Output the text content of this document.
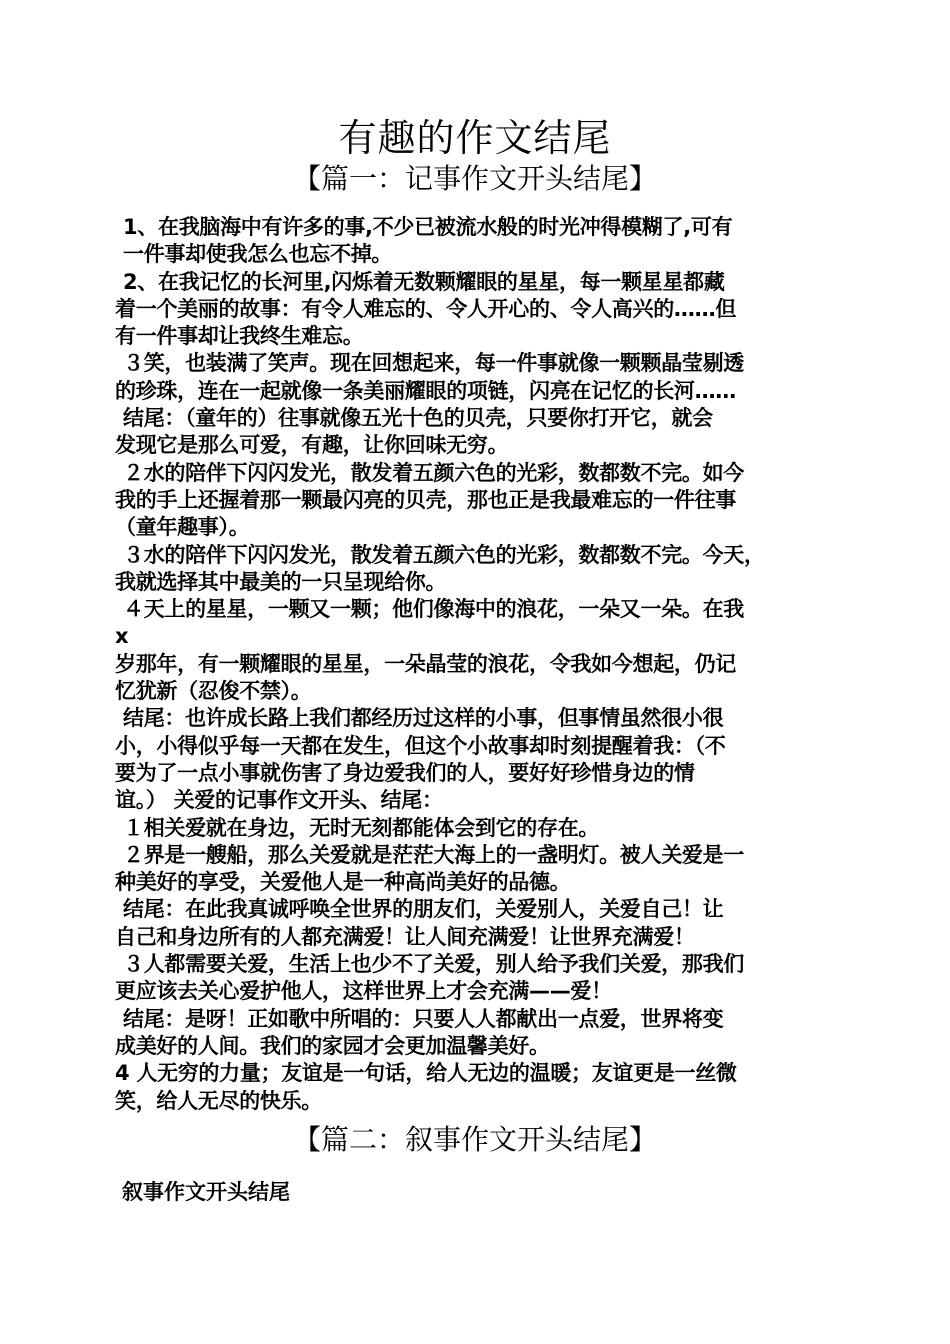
有趣的作文结尾
【篇一：记事作文开头结尾】
1、在我脑海中有许多的事,不少已被流水般的时光冲得模糊了,可有
一件事却使我怎么也忘不掉。
2、在我记忆的长河里,闪烁着无数颗耀眼的星星，每一颗星星都藏
着一个美丽的故事：有令人难忘的、令人开心的、令人高兴的……但
有一件事却让我终生难忘。
３笑，也装满了笑声。现在回想起来，每一件事就像一颗颗晶莹剔透
的珍珠，连在一起就像一条美丽耀眼的项链，闪亮在记忆的长河……
结尾：（童年的）往事就像五光十色的贝壳，只要你打开它，就会
发现它是那么可爱，有趣，让你回味无穷。
２水的陪伴下闪闪发光，散发着五颜六色的光彩，数都数不完。如今
我的手上还握着那一颗最闪亮的贝壳，那也正是我最难忘的一件往事
（童年趣事）。
３水的陪伴下闪闪发光，散发着五颜六色的光彩，数都数不完。今天，
我就选择其中最美的一只呈现给你。
４天上的星星，一颗又一颗；他们像海中的浪花，一朵又一朵。在我
x
岁那年，有一颗耀眼的星星，一朵晶莹的浪花，令我如今想起，仍记
忆犹新（忍俊不禁）。
结尾：也许成长路上我们都经历过这样的小事，但事情虽然很小很
小，小得似乎每一天都在发生，但这个小故事却时刻提醒着我：（不
要为了一点小事就伤害了身边爱我们的人，要好好珍惜身边的情
谊。） 关爱的记事作文开头、结尾：
１相关爱就在身边，无时无刻都能体会到它的存在。
２界是一艘船，那么关爱就是茫茫大海上的一盏明灯。被人关爱是一
种美好的享受，关爱他人是一种高尚美好的品德。
结尾：在此我真诚呼唤全世界的朋友们，关爱别人，关爱自己！让
自己和身边所有的人都充满爱！让人间充满爱！让世界充满爱！
３人都需要关爱，生活上也少不了关爱，别人给予我们关爱，那我们
更应该去关心爱护他人，这样世界上才会充满——爱！
结尾：是呀！正如歌中所唱的：只要人人都献出一点爱，世界将变
成美好的人间。我们的家园才会更加温馨美好。
4 人无穷的力量；友谊是一句话，给人无边的温暖；友谊更是一丝微
笑，给人无尽的快乐。
【篇二：叙事作文开头结尾】
叙事作文开头结尾
